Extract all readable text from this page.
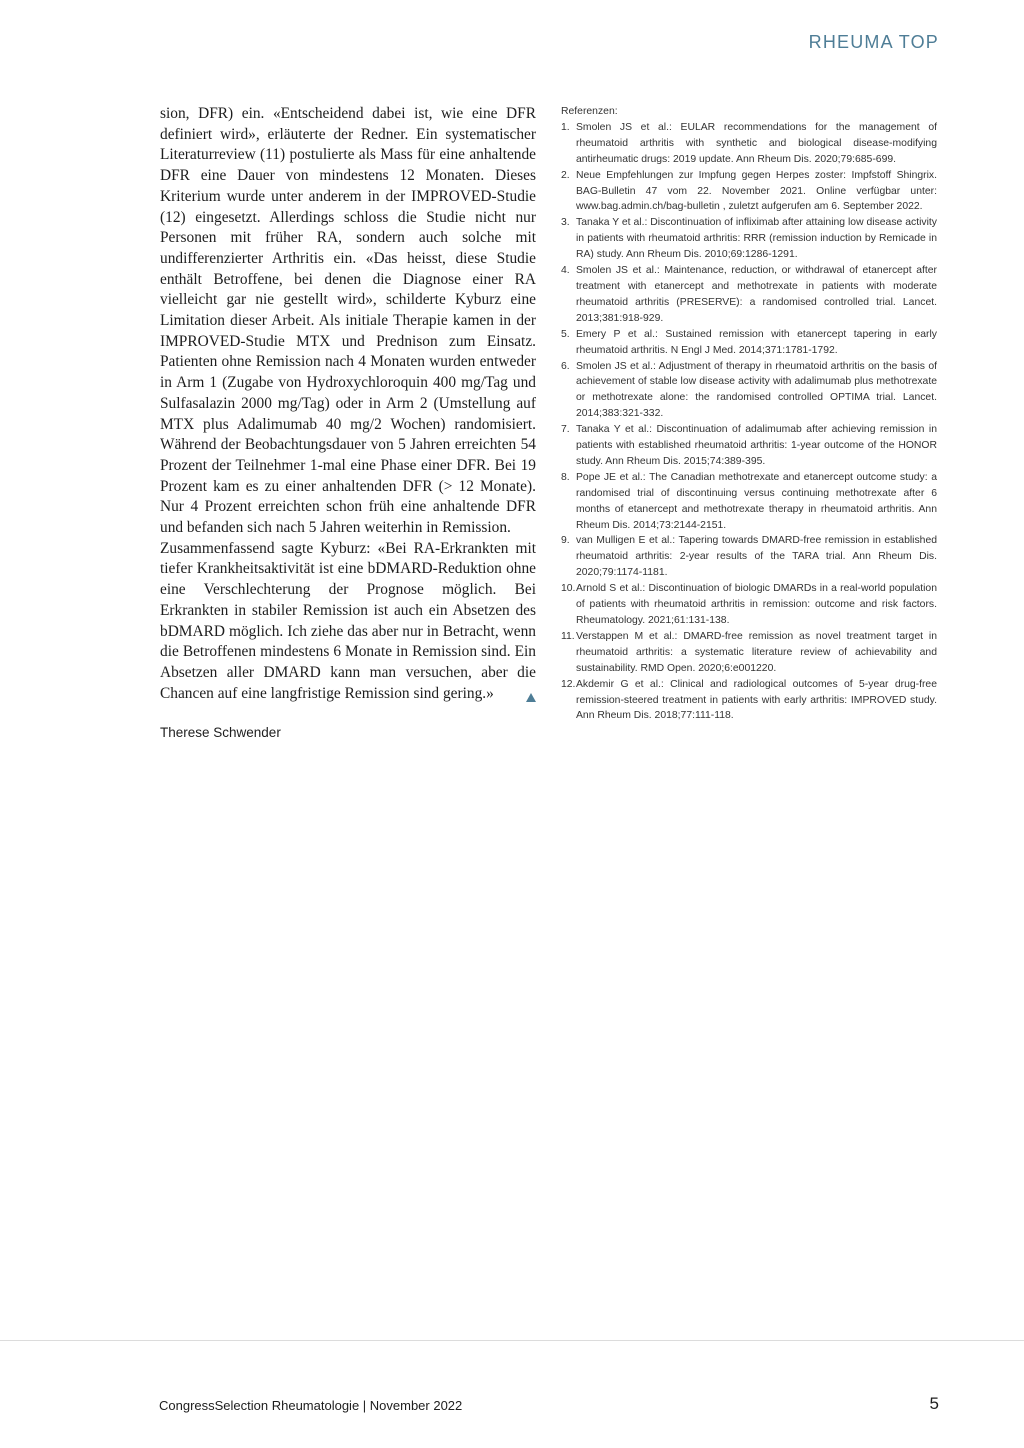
RHEUMA TOP

sion, DFR) ein. «Entscheidend dabei ist, wie eine DFR definiert wird», erläuterte der Redner. Ein systematischer Literaturreview (11) postulierte als Mass für eine anhaltende DFR eine Dauer von mindestens 12 Monaten. Dieses Kriterium wurde unter anderem in der IMPROVED-Studie (12) eingesetzt. Allerdings schloss die Studie nicht nur Personen mit früher RA, sondern auch solche mit undifferenzierter Arthritis ein. «Das heisst, diese Studie enthält Betroffene, bei denen die Diagnose einer RA vielleicht gar nie gestellt wird», schilderte Kyburz eine Limitation dieser Arbeit. Als initiale Therapie kamen in der IMPROVED-Studie MTX und Prednison zum Einsatz. Patienten ohne Remission nach 4 Monaten wurden entweder in Arm 1 (Zugabe von Hydroxychloroquin 400 mg/Tag und Sulfasalazin 2000 mg/Tag) oder in Arm 2 (Umstellung auf MTX plus Adalimumab 40 mg/2 Wochen) randomisiert. Während der Beobachtungsdauer von 5 Jahren erreichten 54 Prozent der Teilnehmer 1-mal eine Phase einer DFR. Bei 19 Prozent kam es zu einer anhaltenden DFR (> 12 Monate). Nur 4 Prozent erreichten schon früh eine anhaltende DFR und befanden sich nach 5 Jahren weiterhin in Remission.

Zusammenfassend sagte Kyburz: «Bei RA-Erkrankten mit tiefer Krankheitsaktivität ist eine bDMARD-Reduktion ohne eine Verschlechterung der Prognose möglich. Bei Erkrankten in stabiler Remission ist auch ein Absetzen des bDMARD möglich. Ich ziehe das aber nur in Betracht, wenn die Betroffenen mindestens 6 Monate in Remission sind. Ein Absetzen aller DMARD kann man versuchen, aber die Chancen auf eine langfristige Remission sind gering.»

Therese Schwender
Referenzen:
1. Smolen JS et al.: EULAR recommendations for the management of rheumatoid arthritis with synthetic and biological disease-modifying antirheumatic drugs: 2019 update. Ann Rheum Dis. 2020;79:685-699.
2. Neue Empfehlungen zur Impfung gegen Herpes zoster: Impfstoff Shingrix. BAG-Bulletin 47 vom 22. November 2021. Online verfügbar unter: www.bag.admin.ch/bag-bulletin , zuletzt aufgerufen am 6. September 2022.
3. Tanaka Y et al.: Discontinuation of infliximab after attaining low disease activity in patients with rheumatoid arthritis: RRR (remission induction by Remicade in RA) study. Ann Rheum Dis. 2010;69:1286-1291.
4. Smolen JS et al.: Maintenance, reduction, or withdrawal of etanercept after treatment with etanercept and methotrexate in patients with moderate rheumatoid arthritis (PRESERVE): a randomised controlled trial. Lancet. 2013;381:918-929.
5. Emery P et al.: Sustained remission with etanercept tapering in early rheumatoid arthritis. N Engl J Med. 2014;371:1781-1792.
6. Smolen JS et al.: Adjustment of therapy in rheumatoid arthritis on the basis of achievement of stable low disease activity with adalimumab plus methotrexate or methotrexate alone: the randomised controlled OPTIMA trial. Lancet. 2014;383:321-332.
7. Tanaka Y et al.: Discontinuation of adalimumab after achieving remission in patients with established rheumatoid arthritis: 1-year outcome of the HONOR study. Ann Rheum Dis. 2015;74:389-395.
8. Pope JE et al.: The Canadian methotrexate and etanercept outcome study: a randomised trial of discontinuing versus continuing methotrexate after 6 months of etanercept and methotrexate therapy in rheumatoid arthritis. Ann Rheum Dis. 2014;73:2144-2151.
9. van Mulligen E et al.: Tapering towards DMARD-free remission in established rheumatoid arthritis: 2-year results of the TARA trial. Ann Rheum Dis. 2020;79:1174-1181.
10. Arnold S et al.: Discontinuation of biologic DMARDs in a real-world population of patients with rheumatoid arthritis in remission: outcome and risk factors. Rheumatology. 2021;61:131-138.
11. Verstappen M et al.: DMARD-free remission as novel treatment target in rheumatoid arthritis: a systematic literature review of achievability and sustainability. RMD Open. 2020;6:e001220.
12. Akdemir G et al.: Clinical and radiological outcomes of 5-year drug-free remission-steered treatment in patients with early arthritis: IMPROVED study. Ann Rheum Dis. 2018;77:111-118.
CongressSelection Rheumatologie | November 2022	5
